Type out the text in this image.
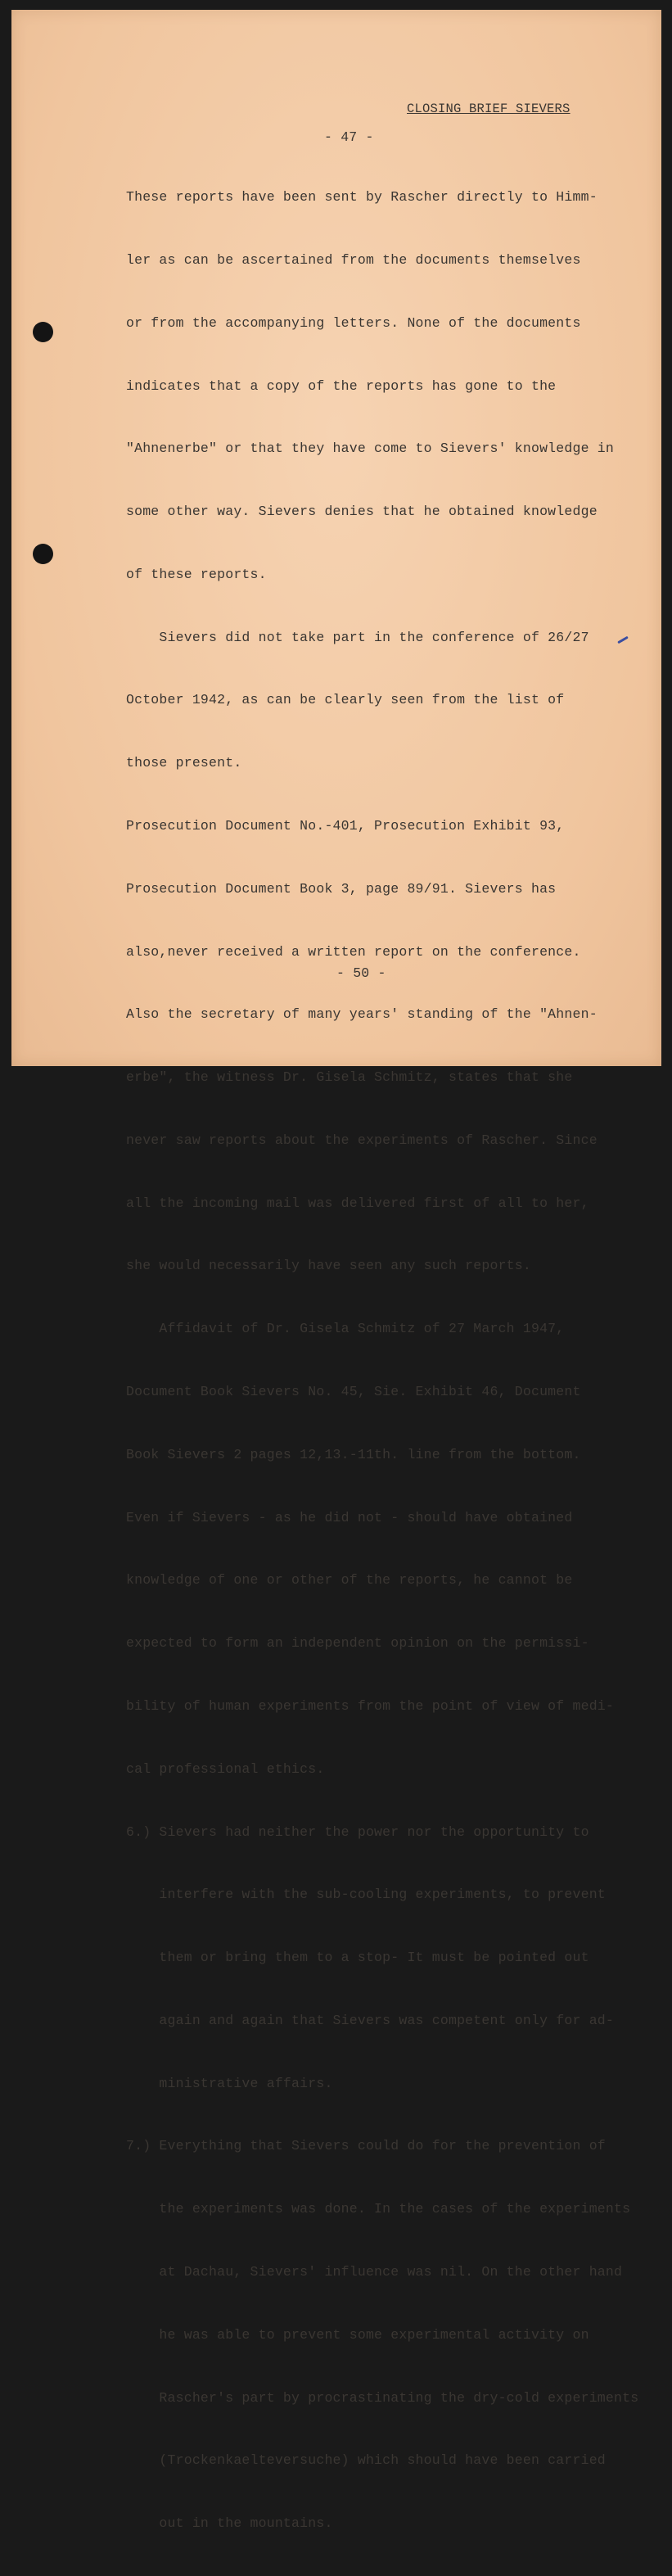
CLOSING BRIEF SIEVERS
- 47 -

These reports have been sent by Rascher directly to Himm-

ler as can be ascertained from the documents themselves

or from the accompanying letters. None of the documents

indicates that a copy of the reports has gone to the

"Ahnenerbe" or that they have come to Sievers' knowledge in

some other way. Sievers denies that he obtained knowledge

of these reports.

Sievers did not take part in the conference of 26/27

October 1942, as can be clearly seen from the list of

those present.

Prosecution Document No.-401, Prosecution Exhibit 93,

Prosecution Document Book 3, page 89/91. Sievers has

also,never received a written report on the conference.

Also the secretary of many years' standing of the "Ahnen-

erbe", the witness Dr. Gisela Schmitz, states that she

never saw reports about the experiments of Rascher. Since

all the incoming mail was delivered first of all to her,

she would necessarily have seen any such reports.

Affidavit of Dr. Gisela Schmitz of 27 March 1947,

Document Book Sievers No. 45, Sie. Exhibit 46, Document

Book Sievers 2 pages 12,13.-11th. line from the bottom.

Even if Sievers - as he did not - should have obtained

knowledge of one or other of the reports, he cannot be

expected to form an independent opinion on the permissi-

bility of human experiments from the point of view of medi-

cal professional ethics.

6.) Sievers had neither the power nor the opportunity to

interfere with the sub-cooling experiments, to prevent

them or bring them to a stop- It must be pointed out

again and again that Sievers was competent only for ad-

ministrative affairs.

7.) Everything that Sievers could do for the prevention of

the experiments was done. In the cases of the experiments

at Dachau, Sievers' influence was nil. On the other hand

he was able to prevent some experimental activity on

Rascher's part by procrastinating the dry-cold experiments

(Trockenkaelteversuche) which should have been carried

out in the mountains.

- 50 -
